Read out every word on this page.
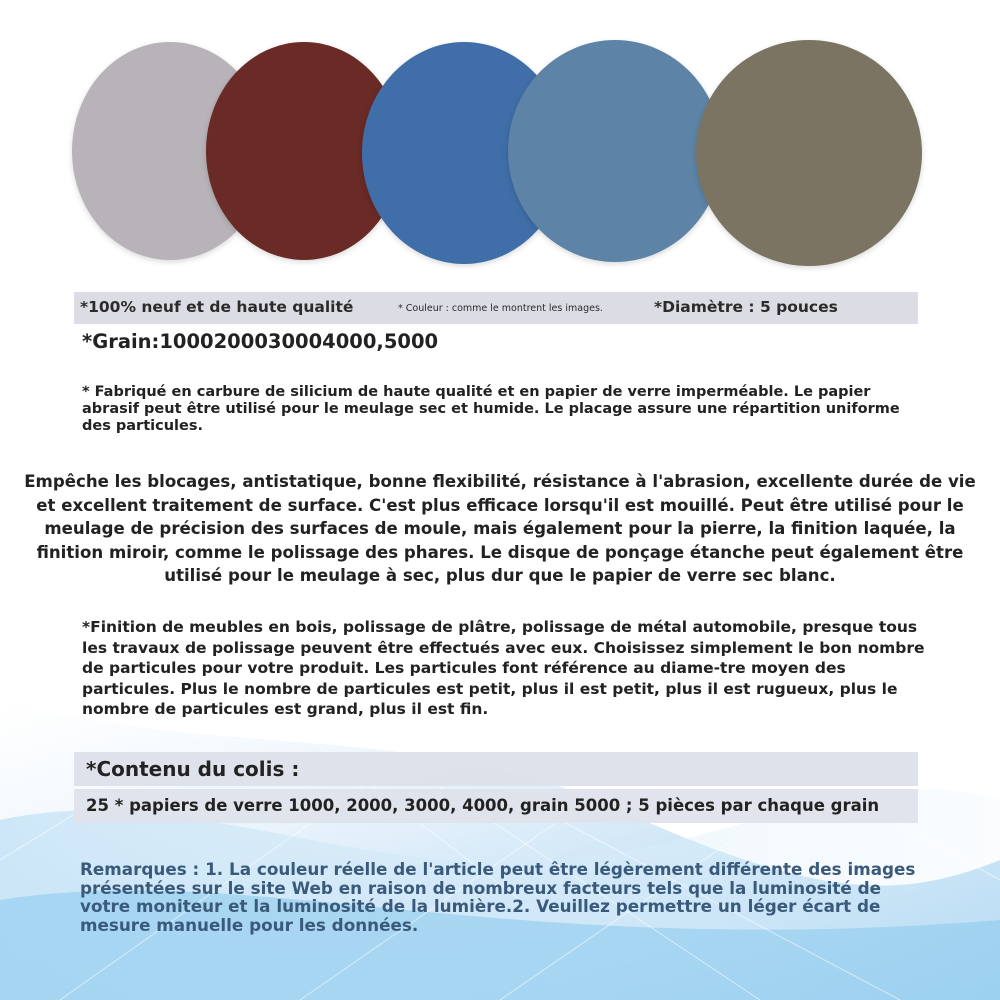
*100% neuf et de haute qualité	* Couleur : comme le montrent les images.	*Diamètre : 5 pouces
*Grain:1000200030004000,5000
* Fabriqué en carbure de silicium de haute qualité et en papier de verre imperméable. Le papier abrasif peut être utilisé pour le meulage sec et humide. Le placage assure une répartition uniforme des particules.
Empêche les blocages, antistatique, bonne flexibilité, résistance à l'abrasion, excellente durée de vie et excellent traitement de surface. C'est plus efficace lorsqu'il est mouillé. Peut être utilisé pour le meulage de précision des surfaces de moule, mais également pour la pierre, la finition laquée, la finition miroir, comme le polissage des phares. Le disque de ponçage étanche peut également être utilisé pour le meulage à sec, plus dur que le papier de verre sec blanc.
*Finition de meubles en bois, polissage de plâtre, polissage de métal automobile, presque tous les travaux de polissage peuvent être effectués avec eux. Choisissez simplement le bon nombre de particules pour votre produit. Les particules font référence au diame-tre moyen des particules. Plus le nombre de particules est petit, plus il est petit, plus il est rugueux, plus le nombre de particules est grand, plus il est fin.
*Contenu du colis :
25 * papiers de verre 1000, 2000, 3000, 4000, grain 5000 ; 5 pièces par chaque grain
Remarques : 1. La couleur réelle de l'article peut être légèrement différente des images présentées sur le site Web en raison de nombreux facteurs tels que la luminosité de votre moniteur et la luminosité de la lumière.2. Veuillez permettre un léger écart de mesure manuelle pour les données.
